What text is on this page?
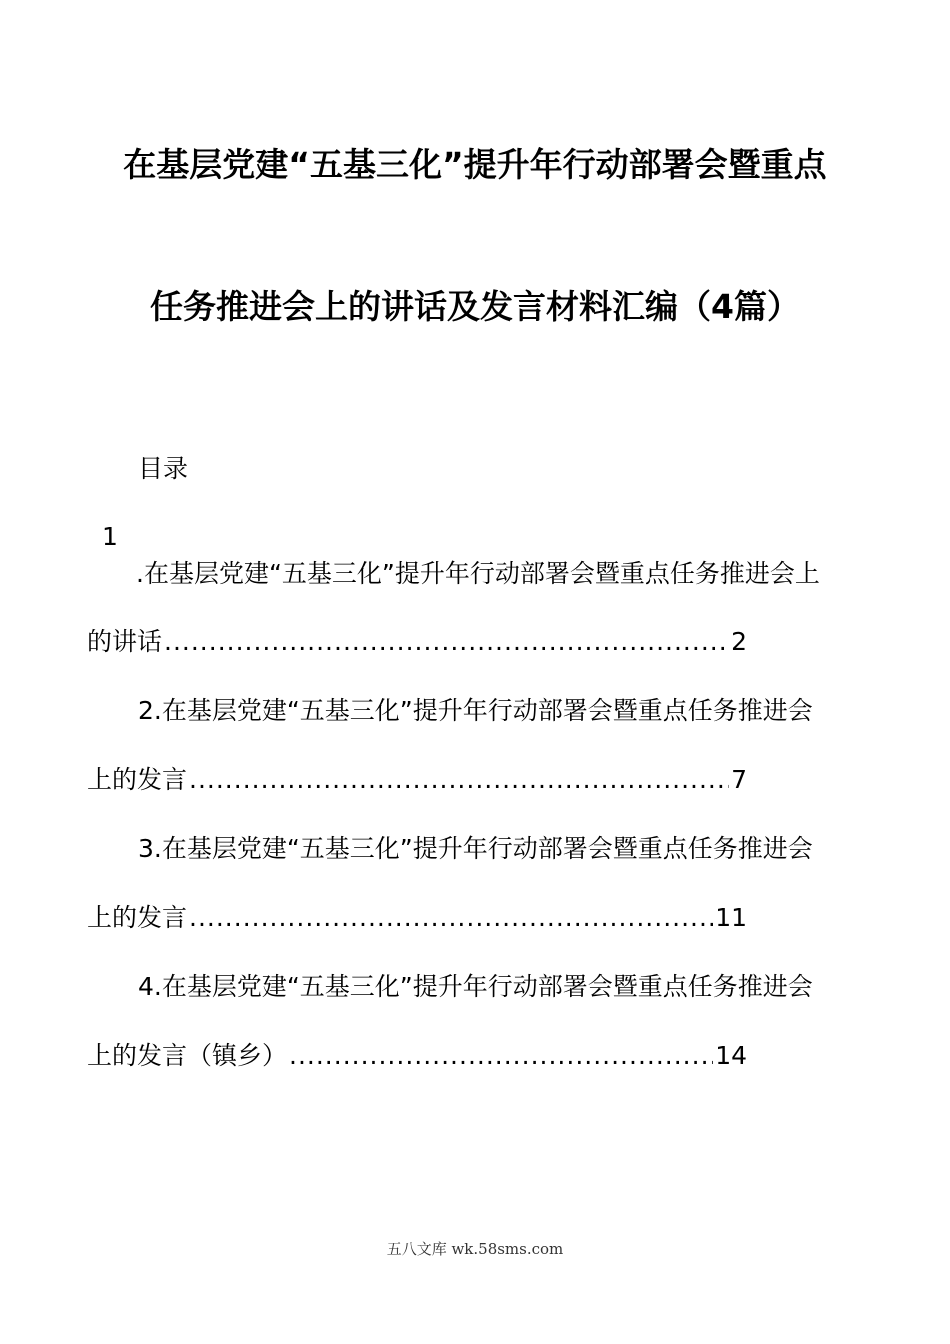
在基层党建“五基三化”提升年行动部署会暨重点
任务推进会上的讲话及发言材料汇编（4篇）
目录
1
.在基层党建“五基三化”提升年行动部署会暨重点任务推进会上
的讲话 .....	2
2.在基层党建“五基三化”提升年行动部署会暨重点任务推进会
上的发言 .....	7
3.在基层党建“五基三化”提升年行动部署会暨重点任务推进会
上的发言 .....	11
4.在基层党建“五基三化”提升年行动部署会暨重点任务推进会
上的发言（镇乡） .....	14
五八文库 wk.58sms.com
